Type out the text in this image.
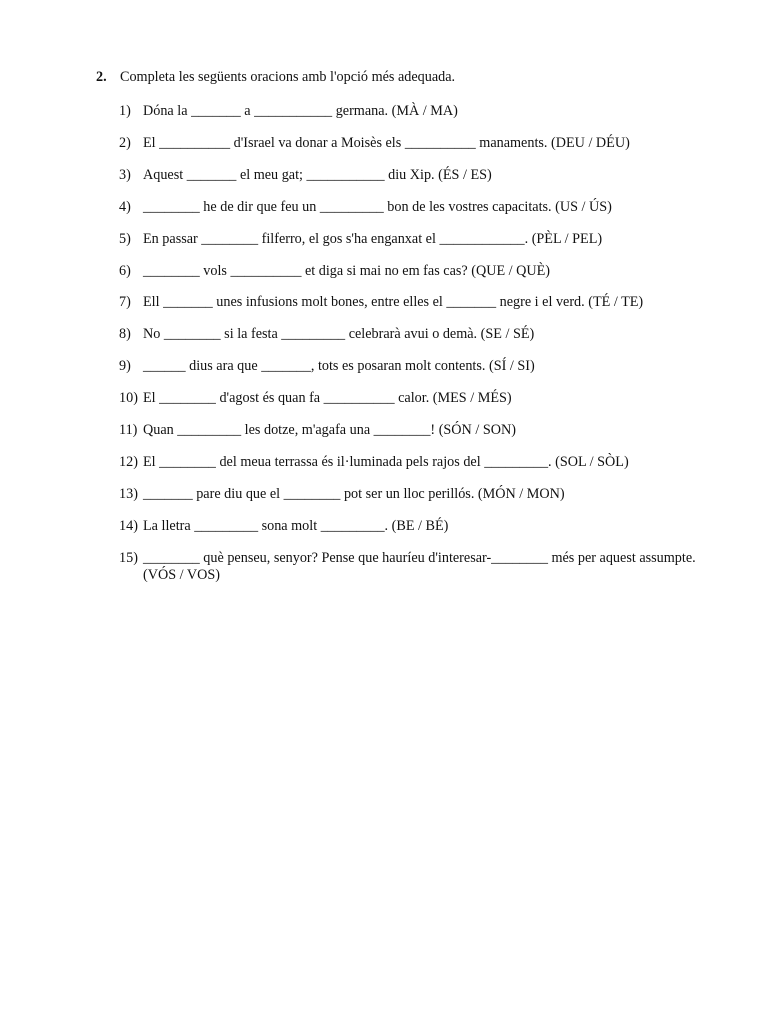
2. Completa les següents oracions amb l'opció més adequada.
1) Dóna la _______ a ___________ germana. (MÀ / MA)
2) El __________ d'Israel va donar a Moisès els __________ manaments. (DEU / DÉU)
3) Aquest _______ el meu gat; ___________ diu Xip. (ÉS / ES)
4) ________ he de dir que feu un _________ bon de les vostres capacitats. (US / ÚS)
5) En passar ________ filferro, el gos s'ha enganxat el ____________. (PÈL / PEL)
6) ________ vols __________ et diga si mai no em fas cas? (QUE / QUÈ)
7) Ell _______ unes infusions molt bones, entre elles el _______ negre i el verd. (TÉ / TE)
8) No ________ si la festa _________ celebrarà avui o demà. (SE / SÉ)
9) ______ dius ara que _______, tots es posaran molt contents. (SÍ / SI)
10) El ________ d'agost és quan fa __________ calor. (MES / MÉS)
11) Quan _________ les dotze, m'agafa una ________! (SÓN / SON)
12) El ________ del meua terrassa és il·luminada pels rajos del _________. (SOL / SÒL)
13) _______ pare diu que el ________ pot ser un lloc perillós. (MÓN / MON)
14) La lletra _________ sona molt _________. (BE / BÉ)
15) ________ què penseu, senyor? Pense que hauríeu d'interesar-________ més per aquest assumpte. (VÓS / VOS)
